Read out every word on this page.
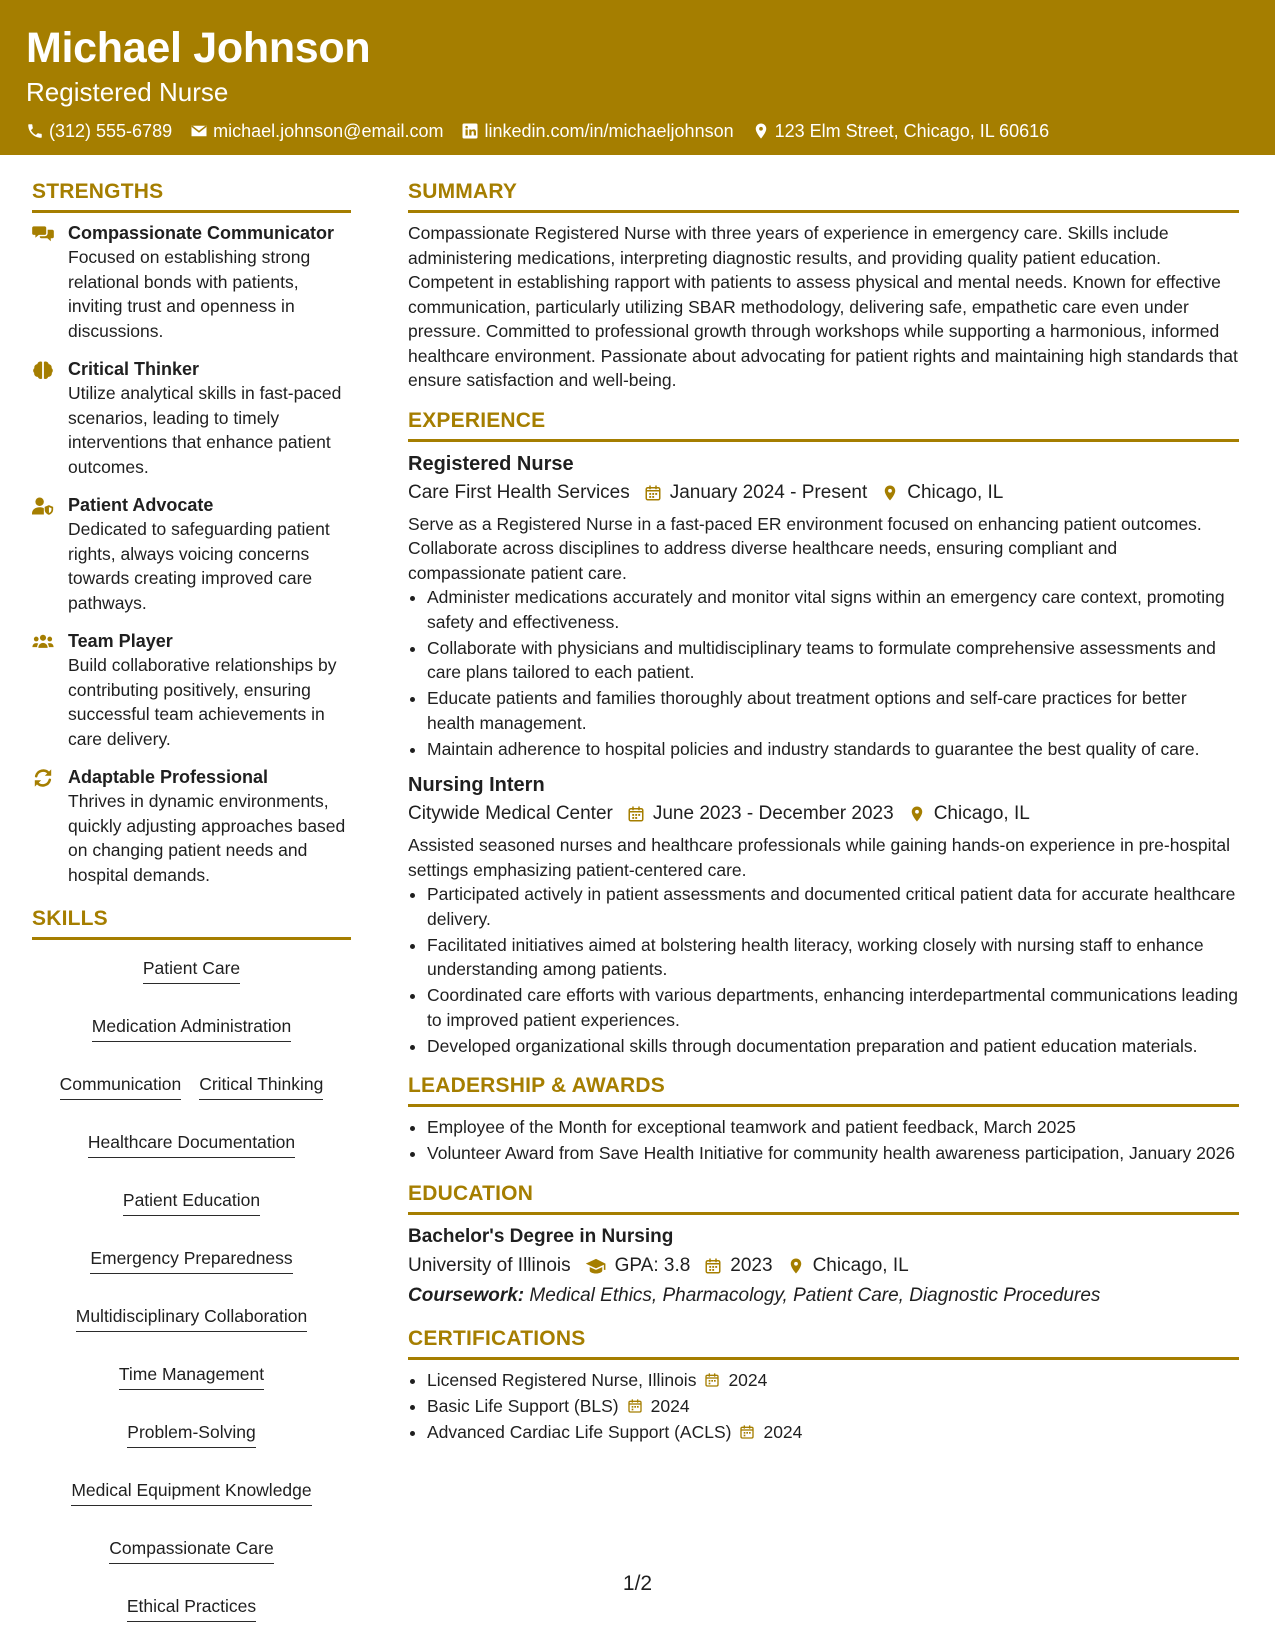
Michael Johnson
Registered Nurse
(312) 555-6789 michael.johnson@email.com linkedin.com/in/michaeljohnson 123 Elm Street, Chicago, IL 60616
STRENGTHS
Compassionate Communicator
Focused on establishing strong relational bonds with patients, inviting trust and openness in discussions.
Critical Thinker
Utilize analytical skills in fast-paced scenarios, leading to timely interventions that enhance patient outcomes.
Patient Advocate
Dedicated to safeguarding patient rights, always voicing concerns towards creating improved care pathways.
Team Player
Build collaborative relationships by contributing positively, ensuring successful team achievements in care delivery.
Adaptable Professional
Thrives in dynamic environments, quickly adjusting approaches based on changing patient needs and hospital demands.
SKILLS
Patient Care
Medication Administration
Communication Critical Thinking
Healthcare Documentation
Patient Education
Emergency Preparedness
Multidisciplinary Collaboration
Time Management
Problem-Solving
Medical Equipment Knowledge
Compassionate Care
Ethical Practices
SUMMARY
Compassionate Registered Nurse with three years of experience in emergency care. Skills include administering medications, interpreting diagnostic results, and providing quality patient education. Competent in establishing rapport with patients to assess physical and mental needs. Known for effective communication, particularly utilizing SBAR methodology, delivering safe, empathetic care even under pressure. Committed to professional growth through workshops while supporting a harmonious, informed healthcare environment. Passionate about advocating for patient rights and maintaining high standards that ensure satisfaction and well-being.
EXPERIENCE
Registered Nurse
Care First Health Services January 2024 - Present Chicago, IL
Serve as a Registered Nurse in a fast-paced ER environment focused on enhancing patient outcomes. Collaborate across disciplines to address diverse healthcare needs, ensuring compliant and compassionate patient care.
• Administer medications accurately and monitor vital signs within an emergency care context, promoting safety and effectiveness.
• Collaborate with physicians and multidisciplinary teams to formulate comprehensive assessments and care plans tailored to each patient.
• Educate patients and families thoroughly about treatment options and self-care practices for better health management.
• Maintain adherence to hospital policies and industry standards to guarantee the best quality of care.
Nursing Intern
Citywide Medical Center June 2023 - December 2023 Chicago, IL
Assisted seasoned nurses and healthcare professionals while gaining hands-on experience in pre-hospital settings emphasizing patient-centered care.
• Participated actively in patient assessments and documented critical patient data for accurate healthcare delivery.
• Facilitated initiatives aimed at bolstering health literacy, working closely with nursing staff to enhance understanding among patients.
• Coordinated care efforts with various departments, enhancing interdepartmental communications leading to improved patient experiences.
• Developed organizational skills through documentation preparation and patient education materials.
LEADERSHIP & AWARDS
• Employee of the Month for exceptional teamwork and patient feedback, March 2025
• Volunteer Award from Save Health Initiative for community health awareness participation, January 2026
EDUCATION
Bachelor's Degree in Nursing
University of Illinois GPA: 3.8 2023 Chicago, IL
Coursework: Medical Ethics, Pharmacology, Patient Care, Diagnostic Procedures
CERTIFICATIONS
• Licensed Registered Nurse, Illinois 2024
• Basic Life Support (BLS) 2024
• Advanced Cardiac Life Support (ACLS) 2024
1/2
